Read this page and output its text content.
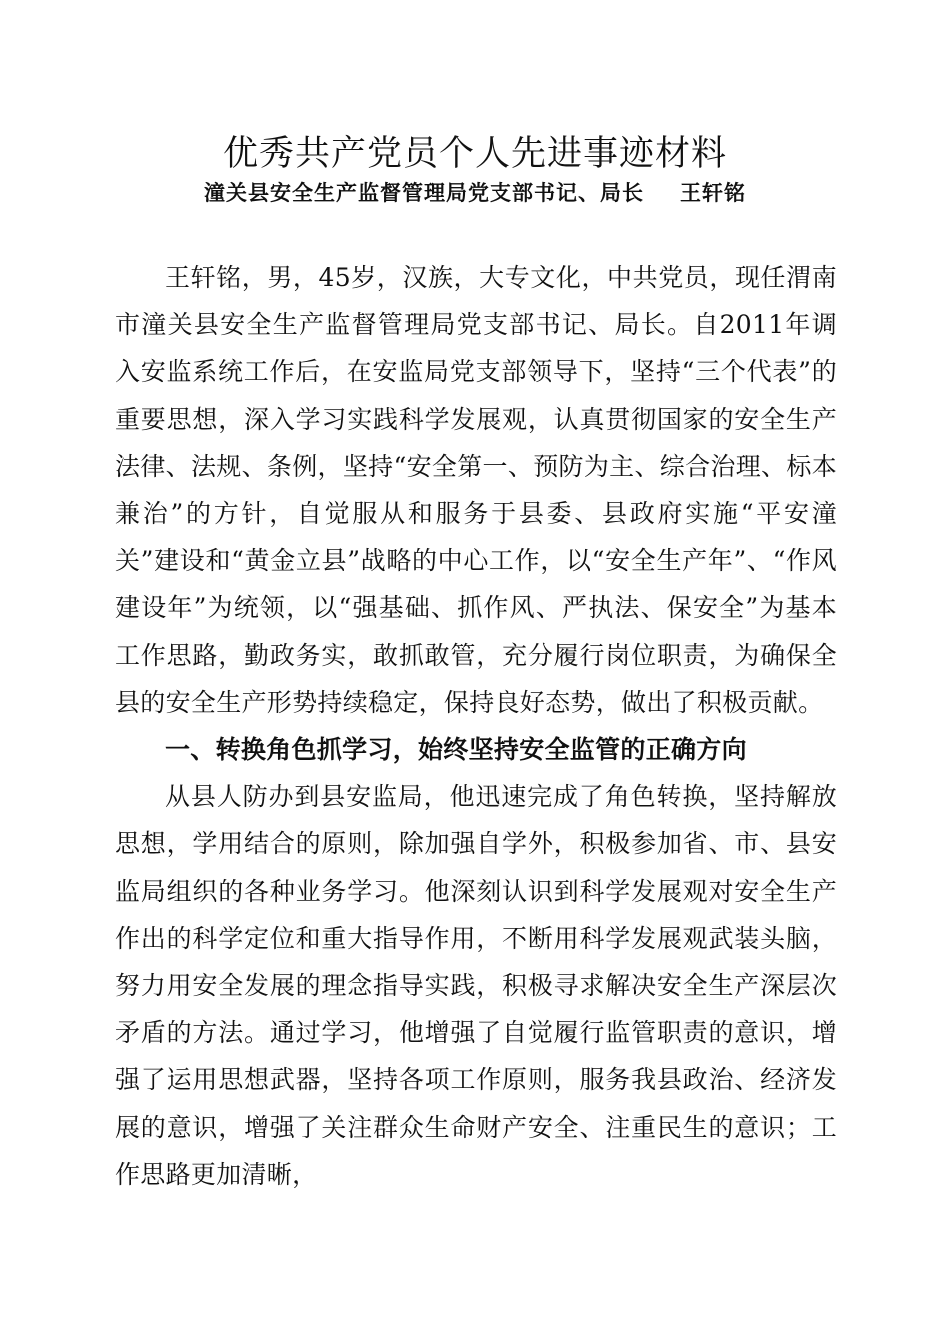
优秀共产党员个人先进事迹材料
潼关县安全生产监督管理局党支部书记、局长 王轩铭

王轩铭，男，45岁，汉族，大专文化，中共党员，现任渭南市潼关县安全生产监督管理局党支部书记、局长。自2011年调入安监系统工作后，在安监局党支部领导下，坚持“三个代表”的重要思想，深入学习实践科学发展观，认真贯彻国家的安全生产法律、法规、条例，坚持“安全第一、预防为主、综合治理、标本兼治”的方针，自觉服从和服务于县委、县政府实施“平安潼关”建设和“黄金立县”战略的中心工作，以“安全生产年”、“作风建设年”为统领，以“强基础、抓作风、严执法、保安全”为基本工作思路，勤政务实，敢抓敢管，充分履行岗位职责，为确保全县的安全生产形势持续稳定，保持良好态势，做出了积极贡献。

一、转换角色抓学习，始终坚持安全监管的正确方向

从县人防办到县安监局，他迅速完成了角色转换，坚持解放思想，学用结合的原则，除加强自学外，积极参加省、市、县安监局组织的各种业务学习。他深刻认识到科学发展观对安全生产作出的科学定位和重大指导作用，不断用科学发展观武装头脑，努力用安全发展的理念指导实践，积极寻求解决安全生产深层次矛盾的方法。通过学习，他增强了自觉履行监管职责的意识，增强了运用思想武器，坚持各项工作原则，服务我县政治、经济发展的意识，增强了关注群众生命财产安全、注重民生的意识；工作思路更加清晰，
